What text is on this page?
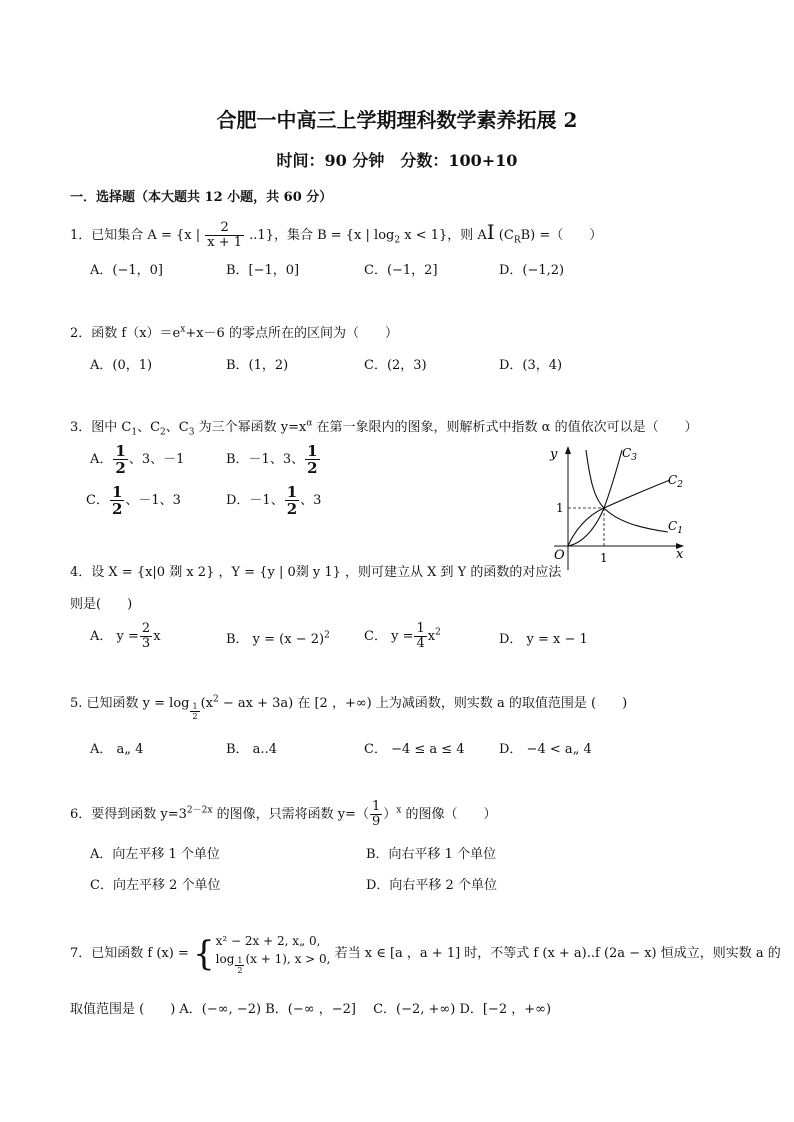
合肥一中高三上学期理科数学素养拓展 2
时间：90 分钟　分数：100+10
一．选择题（本大题共 12 小题，共 60 分）
1．已知集合 A = {x | $\frac{2}{x + 1} ..1$}，集合 B = {x | $\log_2 x < 1$}，则 AI $(C_RB)$ =（　　）
A．(−1，0]	B．[−1，0]	C．(−1，2]	D．(−1,2)
2．函数 $f(x)=e^x+x-6$ 的零点所在的区间为（　　）
A．(0，1)	B．(1，2)	C．(2，3)	D．(3，4)
3．图中 $C_1$、$C_2$、$C_3$ 为三个幂函数 $y=x^\alpha$ 在第一象限内的图象，则解析式中指数 α 的值依次可以是（　　）
A． $\frac{1}{2}$ 、3、－1	B．－1、3、 $\frac{1}{2}$
C． $\frac{1}{2}$ 、－1、3	D．－1、 $\frac{1}{2}$ 、3
y
x
O	1
1
$C_3$
$C_2$
$C_1$
4．设 X = {x|0 剟 x 2} ，Y = {y | 0剟 y 1} ，则可建立从 X 到 Y 的函数的对应法
则是(　　)
A． $y = \frac{2}{3}$ x	B． $y = (x - 2)^2$	C． $y = \frac{1}{4} x^2$	D． y = x − 1
5. 已知函数 $y = \log \frac{1}{2} (x^2$ − ax + 3a) 在 [2 ，+∞) 上为减函数，则实数 a 的取值范围是 (　　)
A． a„ 4	B． a..4	C． −4 ≤ a ≤ 4	D． −4 < a„ 4
6．要得到函数 $y=3^{2-2x}$ 的图像，只需将函数 $y=( \frac{1}{9} )^x$ 的图像（　　）
A．向左平移 1 个单位	B．向右平移 1 个单位
C．向左平移 2 个单位	D．向右平移 2 个单位
7．已知函数 f (x) = { x² − 2x + 2, x„ 0,
$\log \frac{1}{2} (x + 1)$, x > 0, 若当 x ∈ [a ，a + 1] 时，不等式 f (x + a)..f (2a − x) 恒成立，则实数 a 的
取值范围是 (　　) A．(−∞, −2) B．(−∞ ，−2]　 C．(−2, +∞) D．[−2 ，+∞)
